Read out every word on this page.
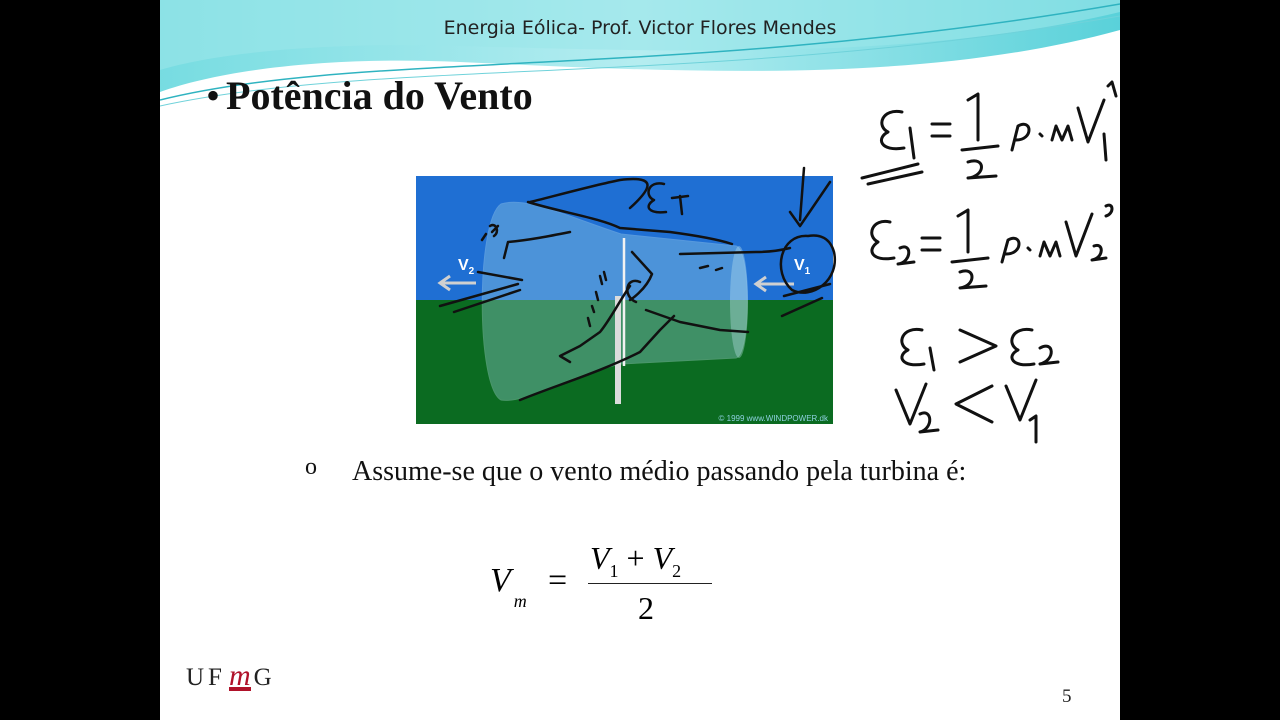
Energia Eólica- Prof. Victor Flores Mendes
• Potência do Vento
$V_2$	$V_1$
© 1999 www.WINDPOWER.dk
o Assume-se que o vento médio passando pela turbina é:
$V_m$
=
$V_1 + V_2$
2
UF m G
5
